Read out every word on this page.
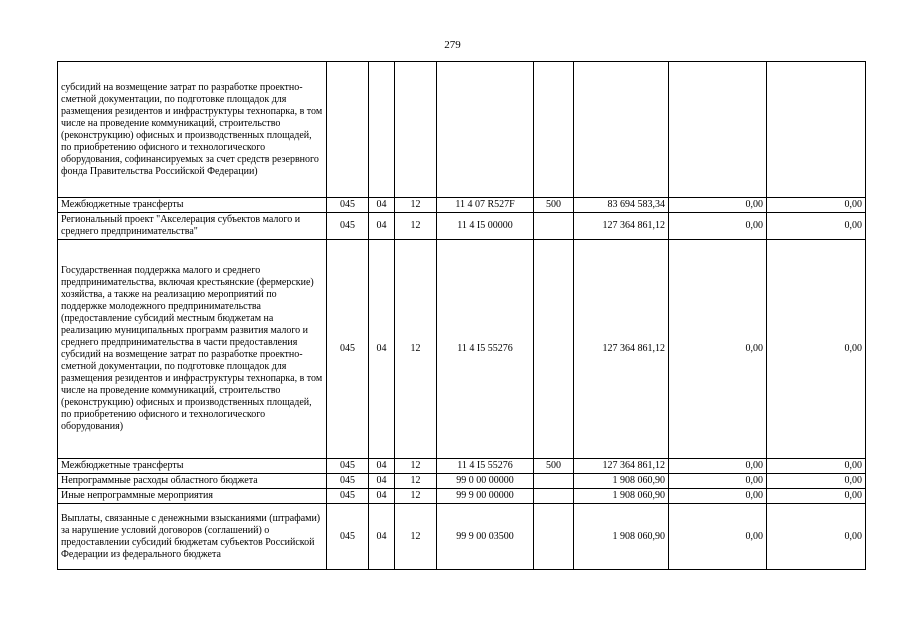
279
субсидий на возмещение затрат по разработке проектно-сметной документации, по подготовке площадок для размещения резидентов и инфраструктуры технопарка, в том числе на проведение коммуникаций, строительство (реконструкцию) офисных и производственных площадей, по приобретению офисного и технологического оборудования, софинансируемых за счет средств резервного фонда Правительства Российской Федерации)								
Межбюджетные трансферты	045	04	12	11 4 07 R527F	500	83 694 583,34	0,00	0,00
Региональный проект "Акселерация субъектов малого и среднего предпринимательства"	045	04	12	11 4 I5 00000		127 364 861,12	0,00	0,00
Государственная поддержка малого и среднего предпринимательства, включая крестьянские (фермерские) хозяйства, а также на реализацию мероприятий по поддержке молодежного предпринимательства (предоставление субсидий местным бюджетам на реализацию муниципальных программ развития малого и среднего предпринимательства в части предоставления субсидий на возмещение затрат по разработке проектно-сметной документации, по подготовке площадок для размещения резидентов и инфраструктуры технопарка, в том числе на проведение коммуникаций, строительство (реконструкцию) офисных и производственных площадей, по приобретению офисного и технологического оборудования)	045	04	12	11 4 I5 55276		127 364 861,12	0,00	0,00
Межбюджетные трансферты	045	04	12	11 4 I5 55276	500	127 364 861,12	0,00	0,00
Непрограммные расходы областного бюджета	045	04	12	99 0 00 00000		1 908 060,90	0,00	0,00
Иные непрограммные мероприятия	045	04	12	99 9 00 00000		1 908 060,90	0,00	0,00
Выплаты, связанные с денежными взысканиями (штрафами) за нарушение условий договоров (соглашений) о предоставлении субсидий бюджетам субъектов Российской Федерации из федерального бюджета	045	04	12	99 9 00 03500		1 908 060,90	0,00	0,00
